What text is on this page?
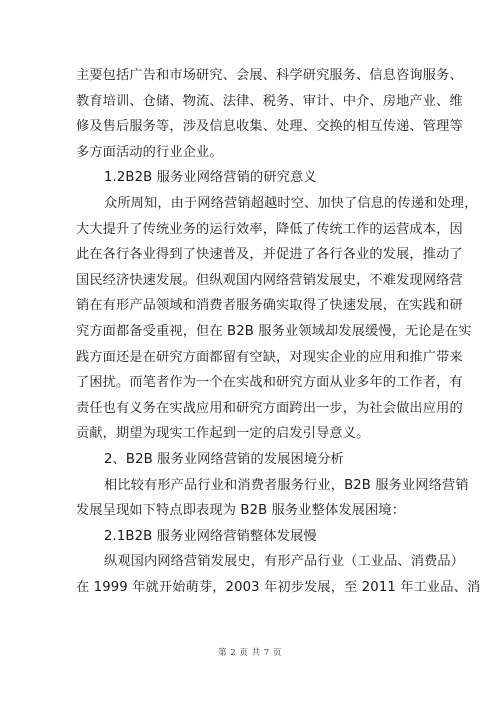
主要包括广告和市场研究、会展、科学研究服务、信息咨询服务、
教育培训、仓储、物流、法律、税务、审计、中介、房地产业、维
修及售后服务等，涉及信息收集、处理、交换的相互传递、管理等
多方面活动的行业企业。
1.2B2B 服务业网络营销的研究意义
众所周知，由于网络营销超越时空、加快了信息的传递和处理，
大大提升了传统业务的运行效率，降低了传统工作的运营成本，因
此在各行各业得到了快速普及，并促进了各行各业的发展，推动了
国民经济快速发展。但纵观国内网络营销发展史，不难发现网络营
销在有形产品领域和消费者服务确实取得了快速发展，在实践和研
究方面都备受重视，但在 B2B 服务业领域却发展缓慢，无论是在实
践方面还是在研究方面都留有空缺，对现实企业的应用和推广带来
了困扰。而笔者作为一个在实战和研究方面从业多年的工作者，有
责任也有义务在实战应用和研究方面跨出一步，为社会做出应用的
贡献，期望为现实工作起到一定的启发引导意义。
2、B2B 服务业网络营销的发展困境分析
相比较有形产品行业和消费者服务行业，B2B 服务业网络营销
发展呈现如下特点即表现为 B2B 服务业整体发展困境：
2.1B2B 服务业网络营销整体发展慢
纵观国内网络营销发展史，有形产品行业（工业品、消费品）
在 1999 年就开始萌芽，2003 年初步发展，至 2011 年工业品、消
第 2 页 共 7 页
